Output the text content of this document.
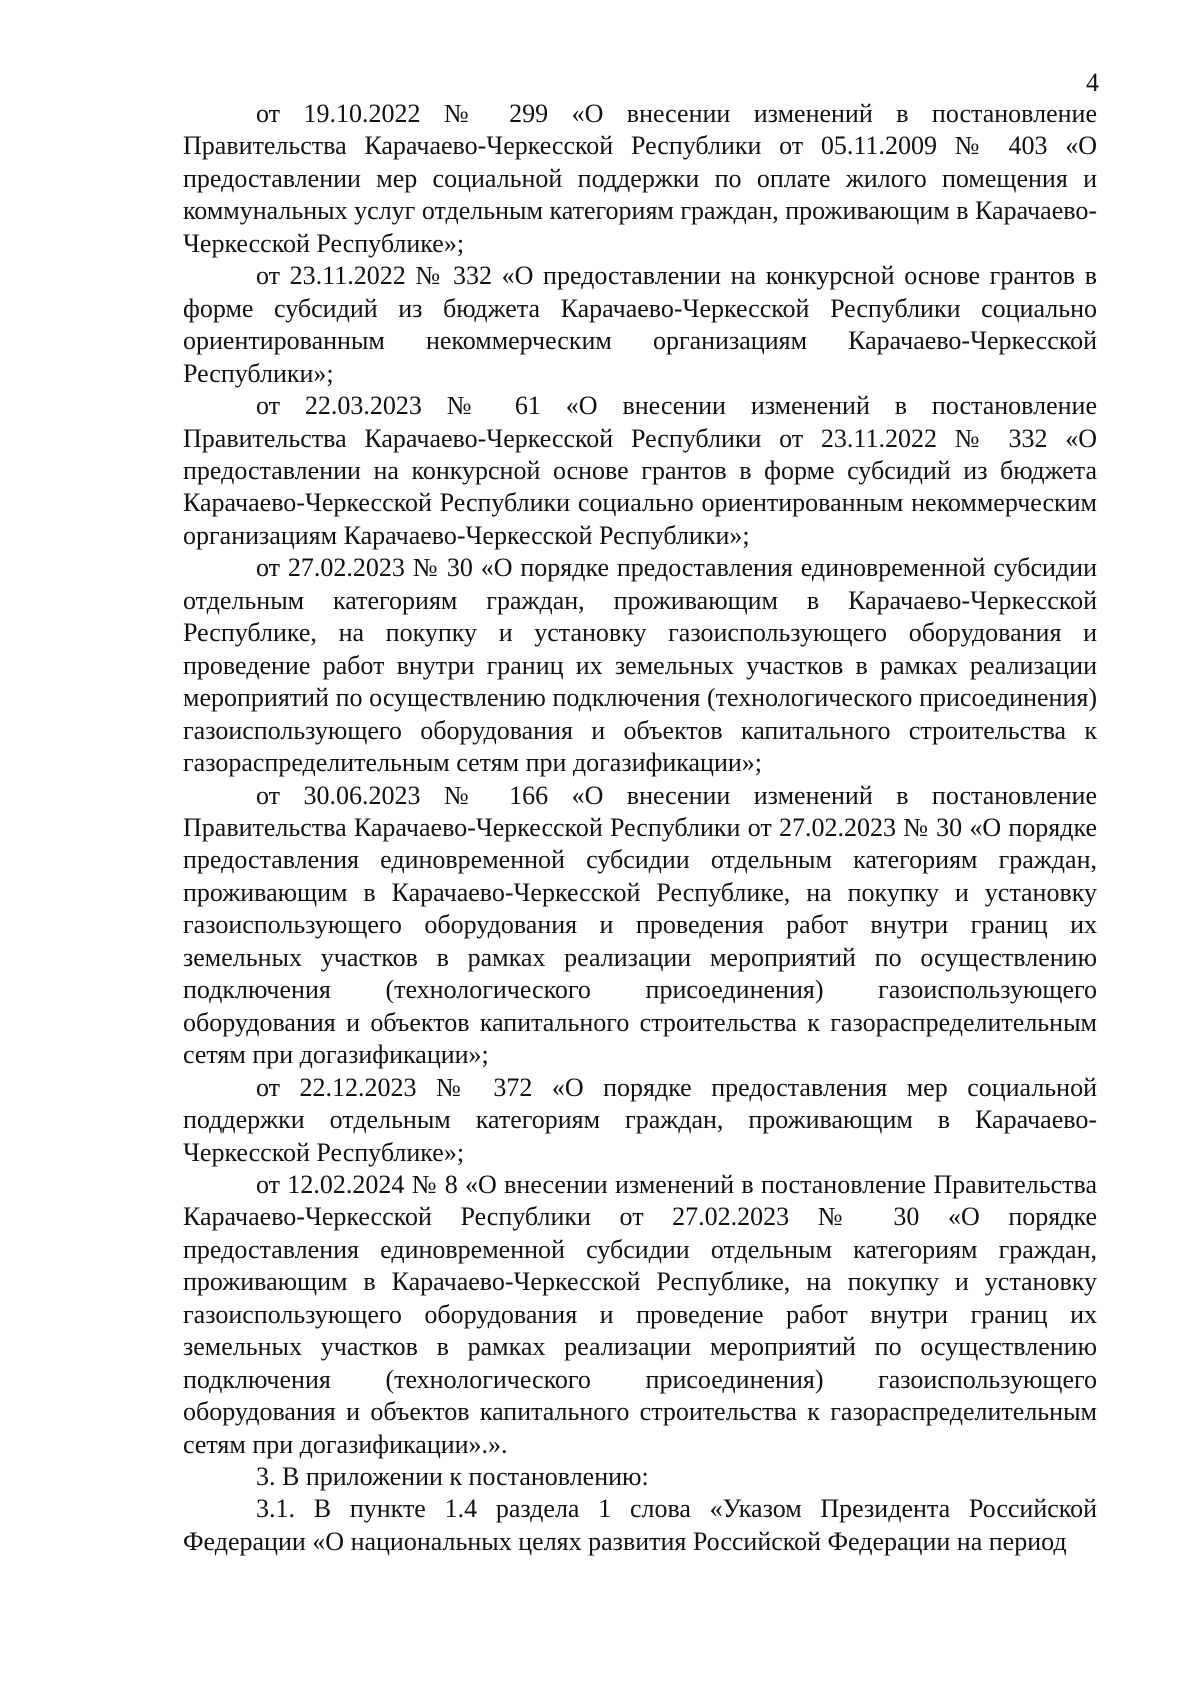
4

от 19.10.2022 № 299 «О внесении изменений в постановление Правительства Карачаево-Черкесской Республики от 05.11.2009 № 403 «О предоставлении мер социальной поддержки по оплате жилого помещения и коммунальных услуг отдельным категориям граждан, проживающим в Карачаево-Черкесской Республике»;

от 23.11.2022 № 332 «О предоставлении на конкурсной основе грантов в форме субсидий из бюджета Карачаево-Черкесской Республики социально ориентированным некоммерческим организациям Карачаево-Черкесской Республики»;

от 22.03.2023 № 61 «О внесении изменений в постановление Правительства Карачаево-Черкесской Республики от 23.11.2022 № 332 «О предоставлении на конкурсной основе грантов в форме субсидий из бюджета Карачаево-Черкесской Республики социально ориентированным некоммерческим организациям Карачаево-Черкесской Республики»;

от 27.02.2023 № 30 «О порядке предоставления единовременной субсидии отдельным категориям граждан, проживающим в Карачаево-Черкесской Республике, на покупку и установку газоиспользующего оборудования и проведение работ внутри границ их земельных участков в рамках реализации мероприятий по осуществлению подключения (технологического присоединения) газоиспользующего оборудования и объектов капитального строительства к газораспределительным сетям при догазификации»;

от 30.06.2023 № 166 «О внесении изменений в постановление Правительства Карачаево-Черкесской Республики от 27.02.2023 № 30 «О порядке предоставления единовременной субсидии отдельным категориям граждан, проживающим в Карачаево-Черкесской Республике, на покупку и установку газоиспользующего оборудования и проведения работ внутри границ их земельных участков в рамках реализации мероприятий по осуществлению подключения (технологического присоединения) газоиспользующего оборудования и объектов капитального строительства к газораспределительным сетям при догазификации»;

от 22.12.2023 № 372 «О порядке предоставления мер социальной поддержки отдельным категориям граждан, проживающим в Карачаево-Черкесской Республике»;

от 12.02.2024 № 8 «О внесении изменений в постановление Правительства Карачаево-Черкесской Республики от 27.02.2023 № 30 «О порядке предоставления единовременной субсидии отдельным категориям граждан, проживающим в Карачаево-Черкесской Республике, на покупку и установку газоиспользующего оборудования и проведение работ внутри границ их земельных участков в рамках реализации мероприятий по осуществлению подключения (технологического присоединения) газоиспользующего оборудования и объектов капитального строительства к газораспределительным сетям при догазификации».».

3. В приложении к постановлению:

3.1. В пункте 1.4 раздела 1 слова «Указом Президента Российской Федерации «О национальных целях развития Российской Федерации на период
